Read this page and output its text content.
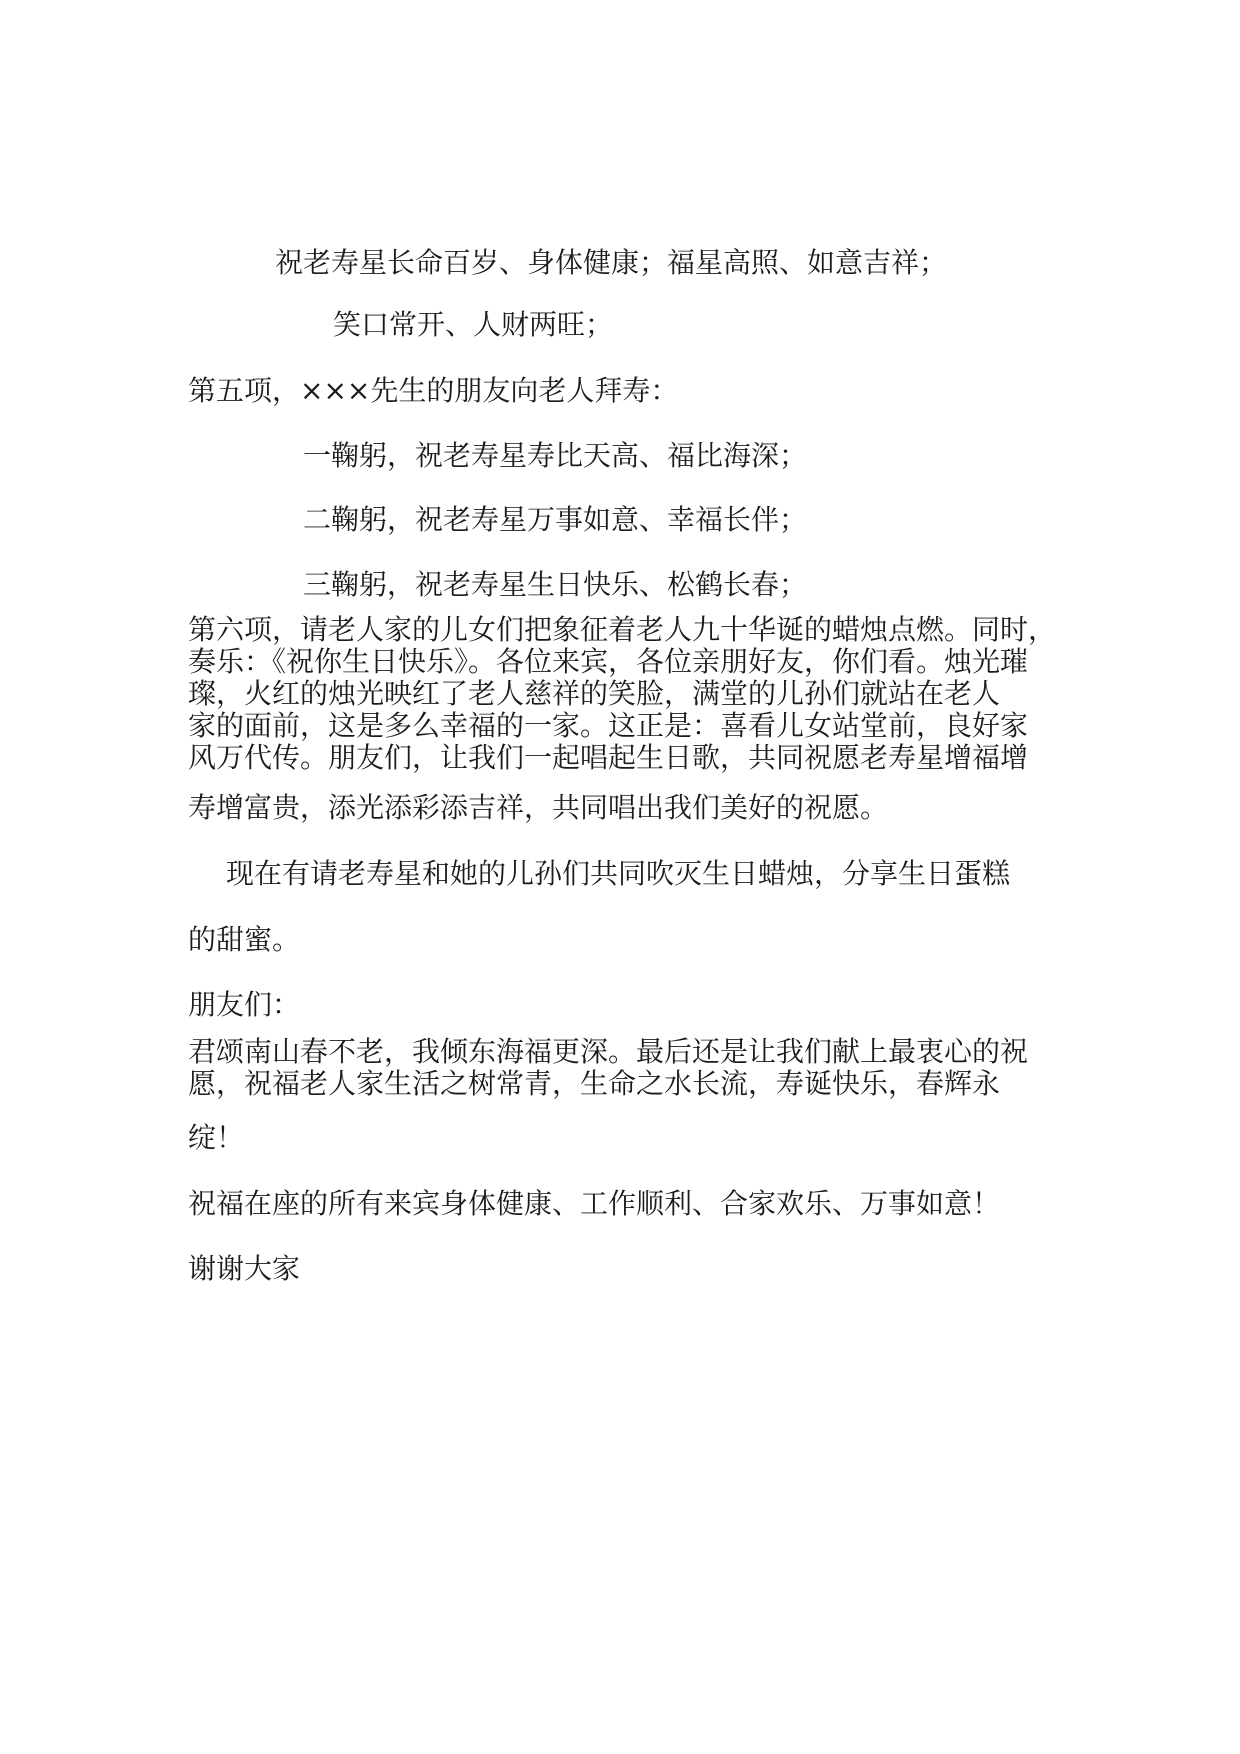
祝老寿星长命百岁、身体健康；福星高照、如意吉祥；

笑口常开、人财两旺；

第五项，×××先生的朋友向老人拜寿：

一鞠躬，祝老寿星寿比天高、福比海深；

二鞠躬，祝老寿星万事如意、幸福长伴；

三鞠躬，祝老寿星生日快乐、松鹤长春；

第六项，请老人家的儿女们把象征着老人九十华诞的蜡烛点燃。同时，
奏乐：《祝你生日快乐》。各位来宾，各位亲朋好友，你们看。烛光璀
璨，火红的烛光映红了老人慈祥的笑脸，满堂的儿孙们就站在老人
家的面前，这是多么幸福的一家。这正是：喜看儿女站堂前，良好家
风万代传。朋友们，让我们一起唱起生日歌，共同祝愿老寿星增福增

寿增富贵，添光添彩添吉祥，共同唱出我们美好的祝愿。

现在有请老寿星和她的儿孙们共同吹灭生日蜡烛，分享生日蛋糕

的甜蜜。

朋友们：

君颂南山春不老，我倾东海福更深。最后还是让我们献上最衷心的祝
愿，祝福老人家生活之树常青，生命之水长流，寿诞快乐，春辉永

绽！

祝福在座的所有来宾身体健康、工作顺利、合家欢乐、万事如意！

谢谢大家
